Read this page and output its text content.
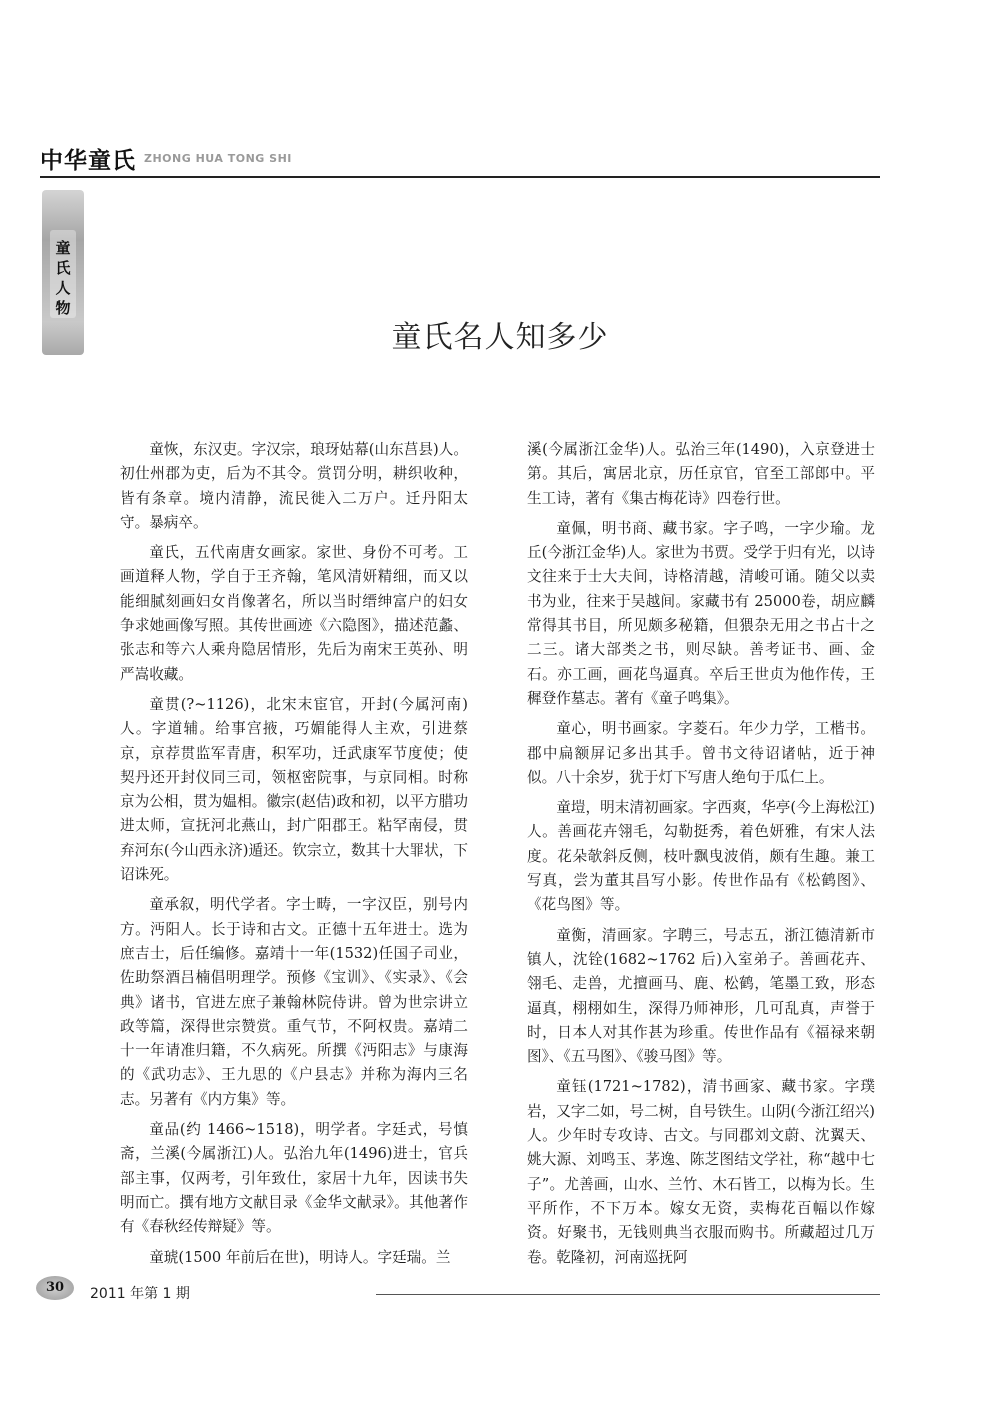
中华童氏 ZHONG HUA TONG SHI
童
氏
人
物
童氏名人知多少

童恢，东汉吏。字汉宗，琅玡姑幕(山东莒县)人。初仕州郡为吏，后为不其令。赏罚分明，耕织收种，皆有条章。境内清静，流民徙入二万户。迁丹阳太守。暴病卒。

童氏，五代南唐女画家。家世、身份不可考。工画道释人物，学自于王齐翰，笔风清妍精细，而又以能细腻刻画妇女肖像著名，所以当时缙绅富户的妇女争求她画像写照。其传世画迹《六隐图》，描述范蠡、张志和等六人乘舟隐居情形，先后为南宋王英孙、明严嵩收藏。

童贯(?~1126)，北宋末宦官，开封(今属河南)人。字道辅。给事宫掖，巧媚能得人主欢，引进蔡京，京荐贯监军青唐，积军功，迁武康军节度使；使契丹还开封仪同三司，领枢密院事，与京同相。时称京为公相，贯为媪相。徽宗(赵佶)政和初，以平方腊功进太师，宣抚河北燕山，封广阳郡王。粘罕南侵，贯弃河东(今山西永济)遁还。钦宗立，数其十大罪状，下诏诛死。

童承叙，明代学者。字士畴，一字汉臣，别号内方。沔阳人。长于诗和古文。正德十五年进士。选为庶吉士，后任编修。嘉靖十一年(1532)任国子司业，佐助祭酒吕楠倡明理学。预修《宝训》、《实录》、《会典》诸书，官进左庶子兼翰林院侍讲。曾为世宗讲立政等篇，深得世宗赞赏。重气节，不阿权贵。嘉靖二十一年请准归籍，不久病死。所撰《沔阳志》与康海的《武功志》、王九思的《户县志》并称为海内三名志。另著有《内方集》等。

童品(约 1466~1518)，明学者。字廷式，号慎斋，兰溪(今属浙江)人。弘治九年(1496)进士，官兵部主事，仅两考，引年致仕，家居十九年，因读书失明而亡。撰有地方文献目录《金华文献录》。其他著作有《春秋经传辩疑》等。

童琥(1500 年前后在世)，明诗人。字廷瑞。兰

溪(今属浙江金华)人。弘治三年(1490)，入京登进士第。其后，寓居北京，历任京官，官至工部郎中。平生工诗，著有《集古梅花诗》四卷行世。

童佩，明书商、藏书家。字子鸣，一字少瑜。龙丘(今浙江金华)人。家世为书贾。受学于归有光，以诗文往来于士大夫间，诗格清越，清峻可诵。随父以卖书为业，往来于吴越间。家藏书有 25000卷，胡应麟常得其书目，所见颇多秘籍，但猥杂无用之书占十之二三。诸大部类之书，则尽缺。善考证书、画、金石。亦工画，画花鸟逼真。卒后王世贞为他作传，王穉登作墓志。著有《童子鸣集》。

童心，明书画家。字菱石。年少力学，工楷书。郡中扁额屏记多出其手。曾书文待诏诸帖，近于神似。八十余岁，犹于灯下写唐人绝句于瓜仁上。

童塏，明末清初画家。字西爽，华亭(今上海松江)人。善画花卉翎毛，勾勒挺秀，着色妍雅，有宋人法度。花朵欹斜反侧，枝叶飘曳波俏，颇有生趣。兼工写真，尝为董其昌写小影。传世作品有《松鹤图》、《花鸟图》等。

童衡，清画家。字聘三，号志五，浙江德清新市镇人，沈铨(1682~1762 后)入室弟子。善画花卉、翎毛、走兽，尤擅画马、鹿、松鹤，笔墨工致，形态逼真，栩栩如生，深得乃师神形，几可乱真，声誉于时，日本人对其作甚为珍重。传世作品有《福禄来朝图》、《五马图》、《骏马图》等。

童钰(1721~1782)，清书画家、藏书家。字璞岩，又字二如，号二树，自号铁生。山阴(今浙江绍兴)人。少年时专攻诗、古文。与同郡刘文蔚、沈翼天、姚大源、刘鸣玉、茅逸、陈芝图结文学社，称“越中七子”。尤善画，山水、兰竹、木石皆工，以梅为长。生平所作，不下万本。嫁女无资，卖梅花百幅以作嫁资。好聚书，无钱则典当衣服而购书。所藏超过几万卷。乾隆初，河南巡抚阿

30	2011 年第 1 期
